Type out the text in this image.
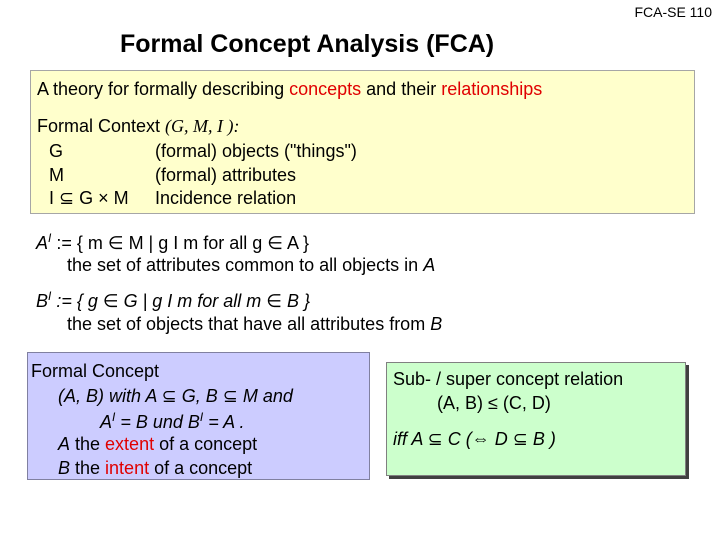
FCA-SE 110
Formal Concept Analysis (FCA)
A theory for formally describing concepts and their relationships
Formal Context (G, M, I ):
G	(formal) objects ("things")
M	(formal) attributes
I ⊆ G × M Incidence relation
$A^I$ := { m ∈ M | g I m for all g ∈ A }
the set of attributes common to all objects in A
$B^I$ := { g ∈ G | g I m for all m ∈ B }
the set of objects that have all attributes from B
Formal Concept
(A, B) with A ⊆ G, B ⊆ M and
$A^I = B$ und $B^I = A$ .
A the extent of a concept
B the intent of a concept
Sub- / super concept relation
(A, B) ≤ (C, D)
iff A ⊆ C (⇔ D ⊆ B )
